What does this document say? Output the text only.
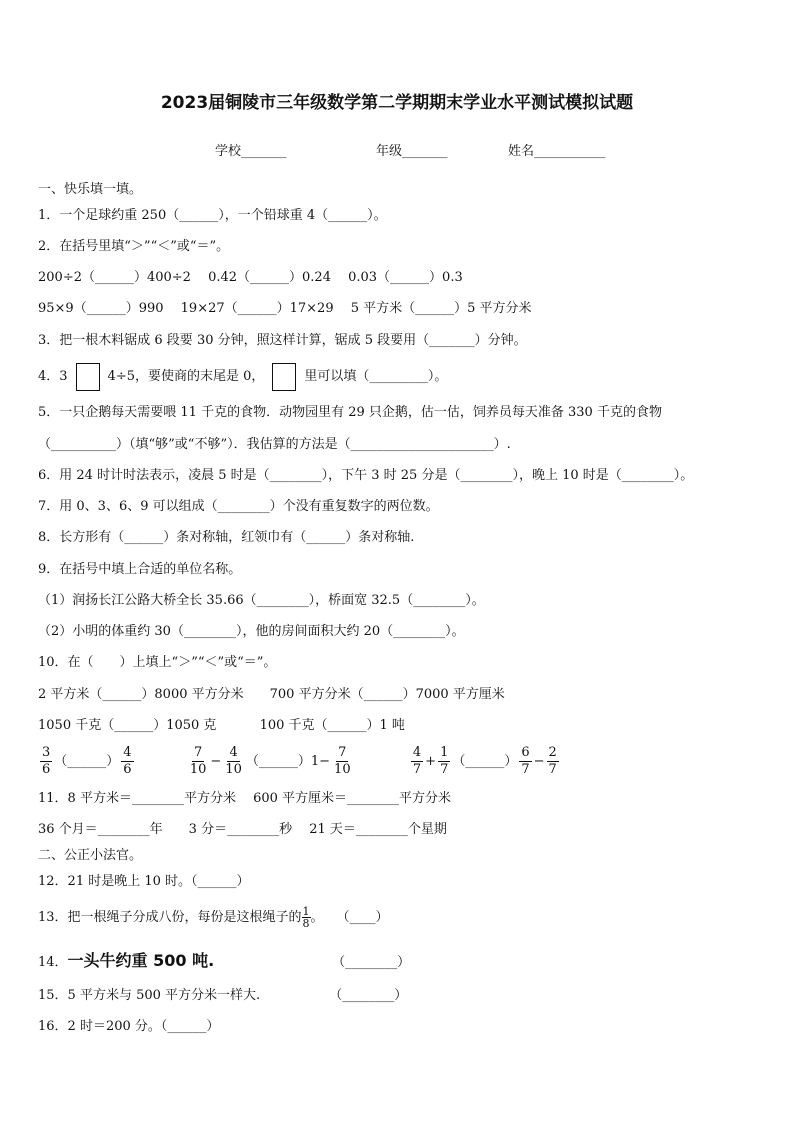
2023届铜陵市三年级数学第二学期期末学业水平测试模拟试题
学校_______	年级_______	姓名___________
一、快乐填一填。
1．一个足球约重 250（______），一个铅球重 4（______）。
2．在括号里填“＞”“＜”或“＝”。
200÷2（______）400÷2　 0.42（______）0.24　 0.03（______）0.3
95×9（______）990　 19×27（______）17×29　 5 平方米（______）5 平方分米
3．把一根木料锯成 6 段要 30 分钟，照这样计算，锯成 5 段要用（_______）分钟。
4．3	4÷5，要使商的末尾是 0，	里可以填（_________）。
5．一只企鹅每天需要喂 11 千克的食物．动物园里有 29 只企鹅，估一估，饲养员每天准备 330 千克的食物
（__________）（填“够”或“不够”）．我估算的方法是（______________________）.
6．用 24 时计时法表示，凌晨 5 时是（________），下午 3 时 25 分是（________），晚上 10 时是（________）。
7．用 0、3、6、9 可以组成（________）个没有重复数字的两位数。
8．长方形有（______）条对称轴，红领巾有（______）条对称轴.
9．在括号中填上合适的单位名称。
（1）润扬长江公路大桥全长 35.66（________），桥面宽 32.5（________）。
（2）小明的体重约 30（________），他的房间面积大约 20（________）。
10．在（　　）上填上“＞”“＜”或“＝”。
2 平方米（______）8000 平方分米　　700 平方分米（______）7000 平方厘米
1050 千克（______）1050 克　　　 100 千克（______）1 吨
$\frac{3}{6}$ （______） $\frac{4}{6}$
	$\frac{7}{10} - \frac{4}{10}$ （______）1− $\frac{7}{10}$
	$\frac{4}{7} + \frac{1}{7}$ （______） $\frac{6}{7} - \frac{2}{7}$
11．8 平方米＝________平方分米　 600 平方厘米＝________平方分米
36 个月＝________年　　3 分＝________秒　 21 天＝________个星期
二、公正小法官。
12．21 时是晚上 10 时。（______）
13．把一根绳子分成八份，每份是这根绳子的 $\frac{1}{8}$ 。　　（____）
14．一头牛约重 500 吨.	（________）
15．5 平方米与 500 平方分米一样大.　　　　　 （________）
16．2 时＝200 分。（______）
